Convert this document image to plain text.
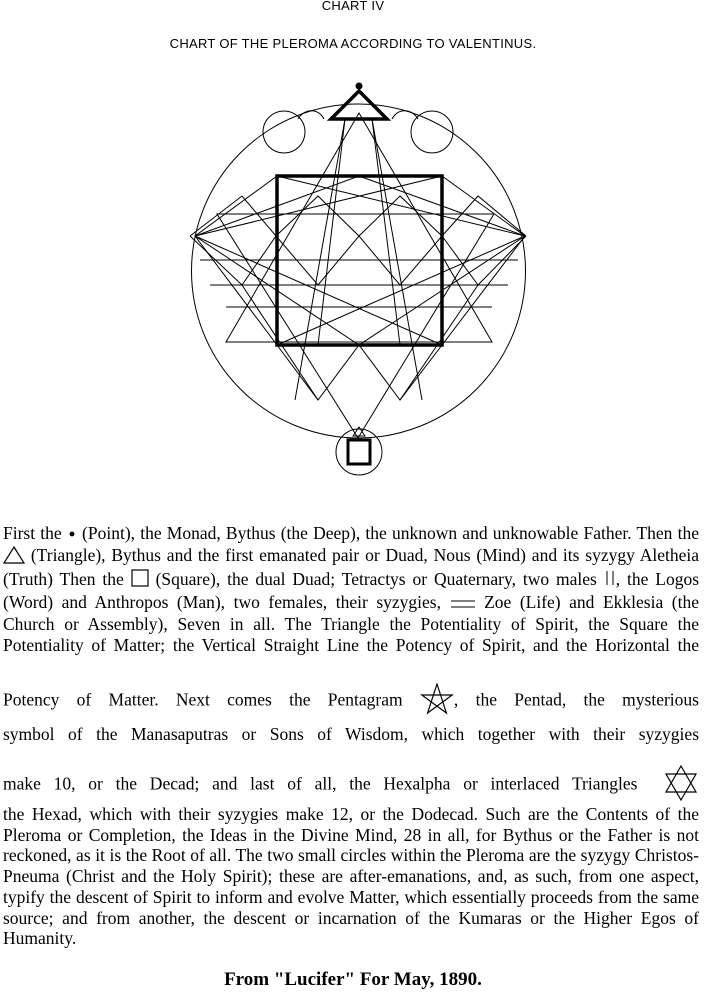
CHART IV
CHART OF THE PLEROMA ACCORDING TO VALENTINUS.

First the (Point), the Monad, Bythus (the Deep), the unknown and unknowable Father. Then the  (Triangle), Bythus and the first emanated pair or Duad, Nous (Mind) and its syzygy Aletheia (Truth) Then the (Square), the dual Duad; Tetractys or Quaternary, two males , the Logos (Word) and Anthropos (Man), two females, their syzygies, Zoe (Life) and Ekklesia (the Church or Assembly), Seven in all. The Triangle the Potentiality of Spirit, the Square the Potentiality of Matter; the Vertical Straight Line the Potency of Spirit, and the Horizontal the

Potency of Matter. Next comes the Pentagram	, the Pentad, the mysterious
symbol of the Manasaputras or Sons of Wisdom, which together with their syzygies
make 10, or the Decad; and last of all, the Hexalpha or interlaced Triangles

the Hexad, which with their syzygies make 12, or the Dodecad. Such are the Contents of the Pleroma or Completion, the Ideas in the Divine Mind, 28 in all, for Bythus or the Father is not reckoned, as it is the Root of all. The two small circles within the Pleroma are the syzygy Christos-Pneuma (Christ and the Holy Spirit); these are after-emanations, and, as such, from one aspect, typify the descent of Spirit to inform and evolve Matter, which essentially proceeds from the same source; and from another, the descent or incarnation of the Kumaras or the Higher Egos of Humanity.

From "Lucifer" For May, 1890.
